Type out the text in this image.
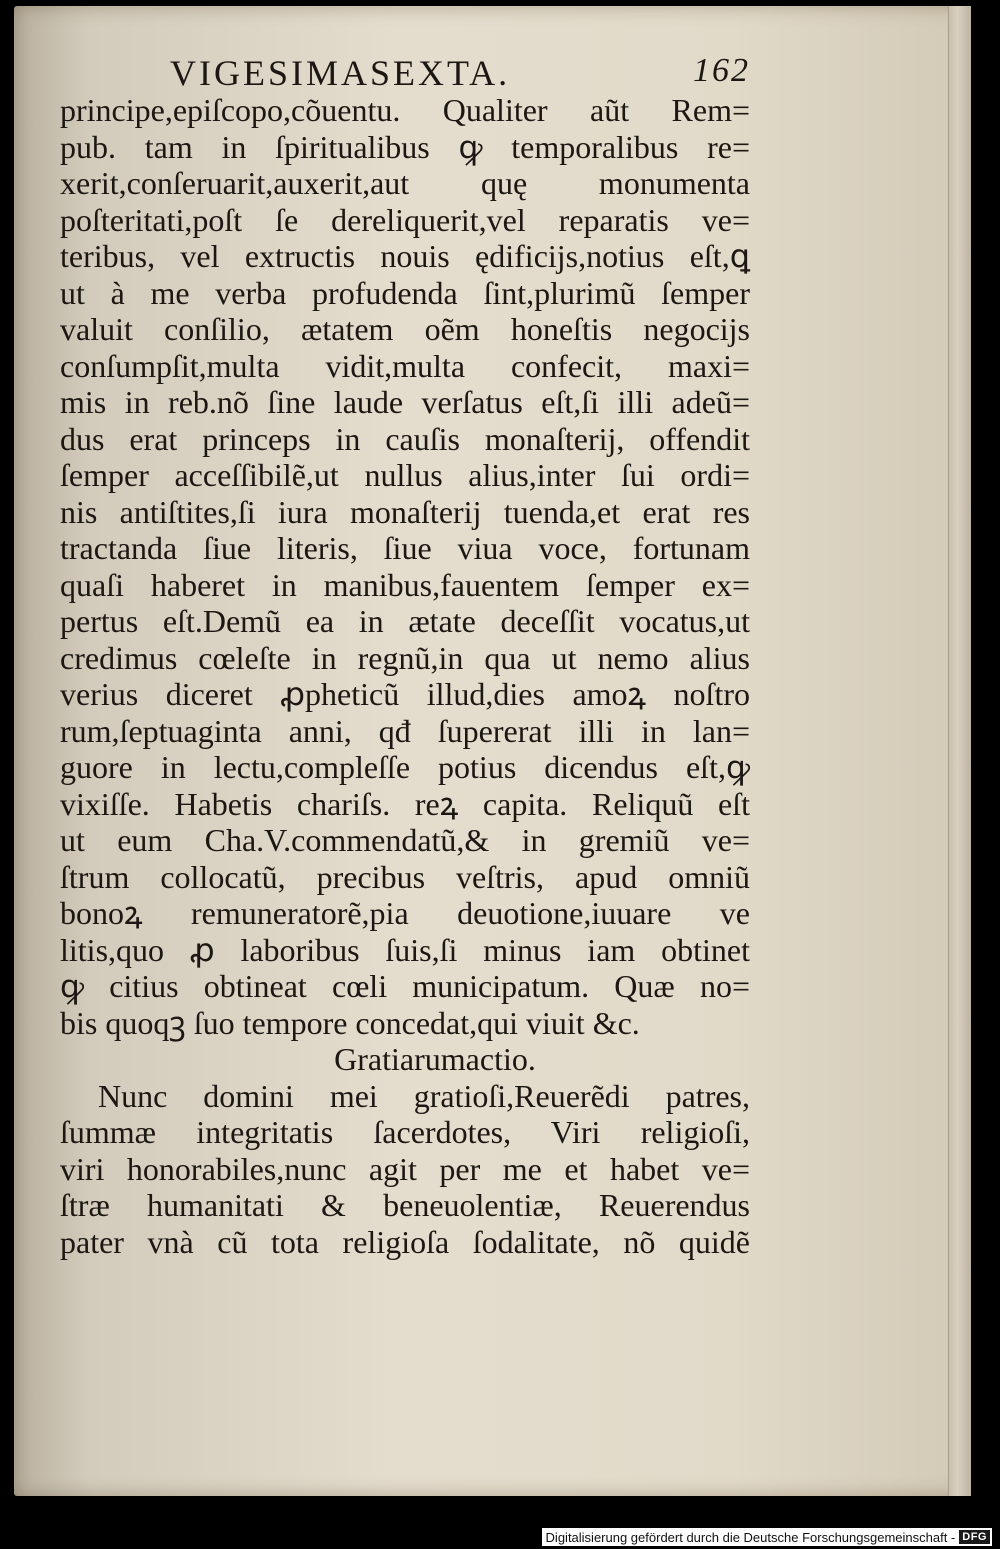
VIGESIMASEXTA.	162
principe,epiſcopo,cõuentu. Qualiter aũt Rem=
pub. tam in ſpiritualibus ꝙ temporalibus re=
xerit,conſeruarit,auxerit,aut quę monumenta
poſteritati,poſt ſe dereliquerit,vel reparatis ve=
teribus, vel extructis nouis ędificijs,notius eſt,ꝗ
ut à me verba profudenda ſint,plurimũ ſemper
valuit conſilio, ætatem oẽm honeſtis negocijs
conſumpſit,multa vidit,multa confecit, maxi=
mis in reb.nõ ſine laude verſatus eſt,ſi illi adeũ=
dus erat princeps in cauſis monaſterij, offendit
ſemper acceſſibilẽ,ut nullus alius,inter ſui ordi=
nis antiſtites,ſi iura monaſterij tuenda,et erat res
tractanda ſiue literis, ſiue viua voce, fortunam
quaſi haberet in manibus,fauentem ſemper ex=
pertus eſt.Demũ ea in ætate deceſſit vocatus,ut
credimus cœleſte in regnũ,in qua ut nemo alius
verius diceret ꝓpheticũ illud,dies amoꝝ noſtro
rum,ſeptuaginta anni, qđ ſupererat illi in lan=
guore in lectu,compleſſe potius dicendus eſt,ꝙ
vixiſſe. Habetis chariſs. reꝝ capita. Reliquũ eſt
ut eum Cha.V.commendatũ,& in gremiũ ve=
ſtrum collocatũ, precibus veſtris, apud omniũ
bonoꝝ remuneratorẽ,pia deuotione,iuuare ve
litis,quo ꝓ laboribus ſuis,ſi minus iam obtinet
ꝙ citius obtineat cœli municipatum. Quæ no=
bis quoqꝫ ſuo tempore concedat,qui viuit &c.
Gratiarumactio.
Nunc domini mei gratioſi,Reuerẽdi patres,
ſummæ integritatis ſacerdotes, Viri religioſi,
viri honorabiles,nunc agit per me et habet ve=
ſtræ humanitati & beneuolentiæ, Reuerendus
pater vnà cũ tota religioſa ſodalitate, nõ quidẽ
Digitalisierung gefördert durch die Deutsche Forschungsgemeinschaft - DFG
